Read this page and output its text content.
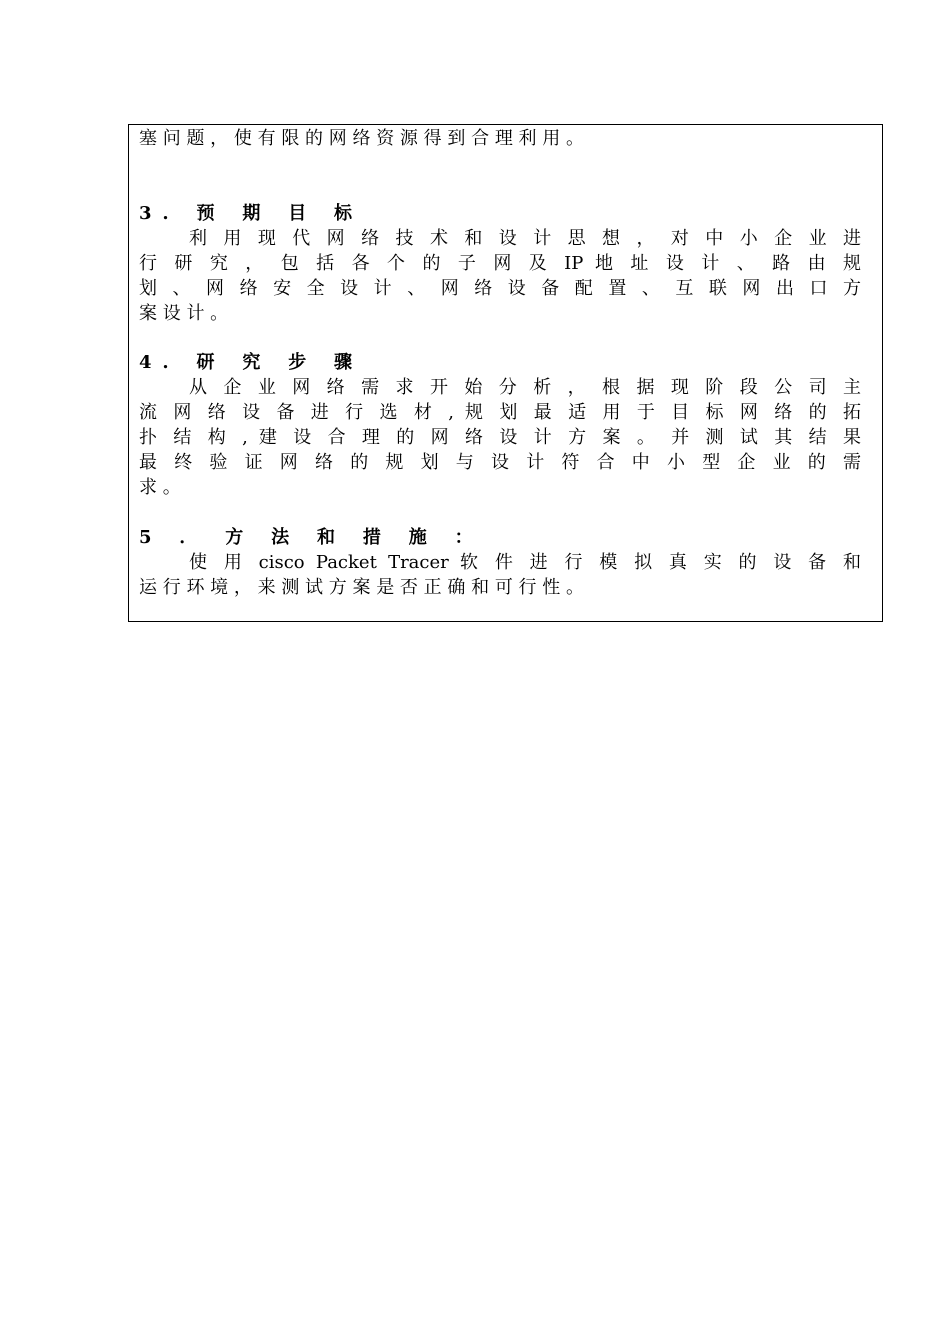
塞 问 题 ， 使 有 限 的 网 络 资 源 得 到 合 理 利 用 。
3. 预 期 目 标
利 用 现 代 网 络 技 术 和 设 计 思 想 ， 对 中 小 企 业 进
行 研 究 ， 包 括 各 个 的 子 网 及 IP 地 址 设 计 、 路 由 规
划 、 网 络 安 全 设 计 、 网 络 设 备 配 置 、 互 联 网 出 口 方
案 设 计 。
4. 研 究 步 骤
从 企 业 网 络 需 求 开 始 分 析 ， 根 据 现 阶 段 公 司 主
流 网 络 设 备 进 行 选 材 , 规 划 最 适 用 于 目 标 网 络 的 拓
扑 结 构 , 建 设 合 理 的 网 络 设 计 方 案 。 并 测 试 其 结 果
最 终 验 证 网 络 的 规 划 与 设 计 符 合 中 小 型 企 业 的 需
求 。
5 ． 方 法 和 措 施 ：
使 用 cisco Packet Tracer 软 件 进 行 模 拟 真 实 的 设 备 和
运 行 环 境 ， 来 测 试 方 案 是 否 正 确 和 可 行 性 。
